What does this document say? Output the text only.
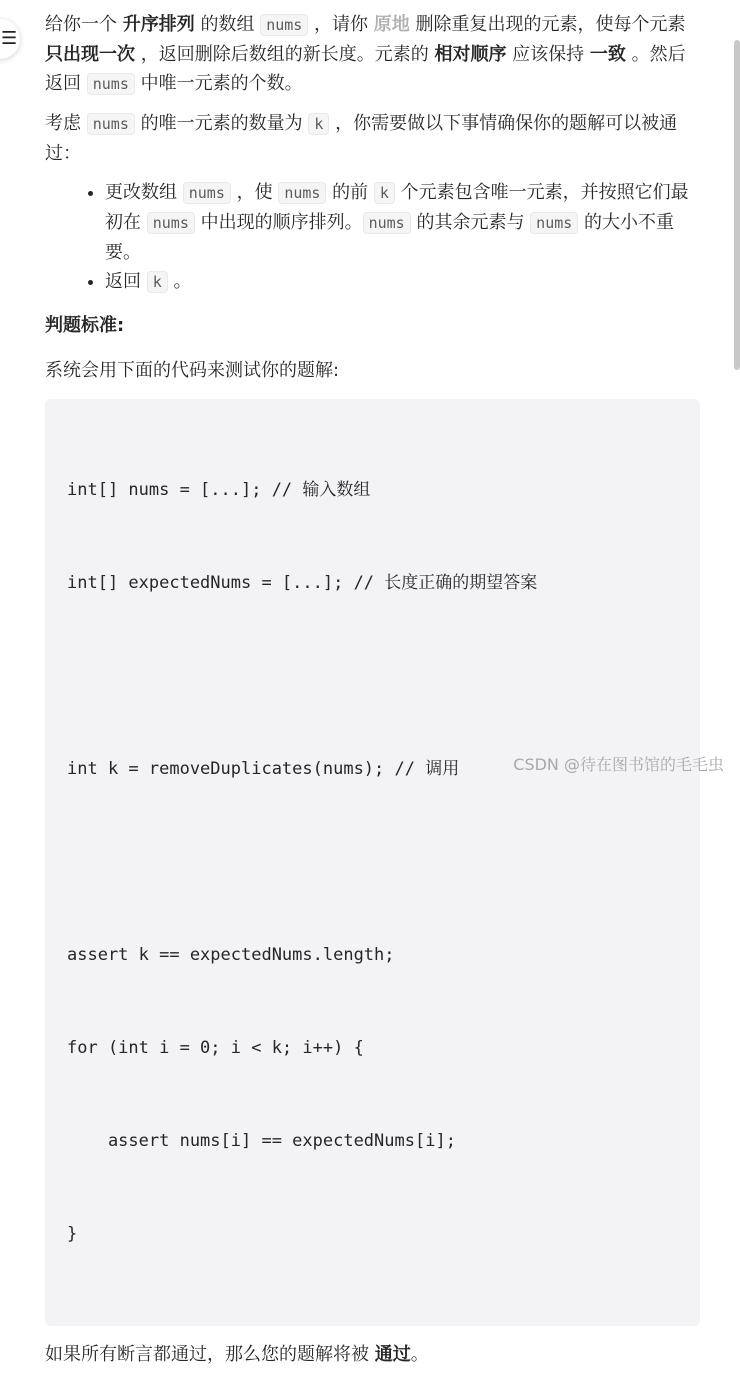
☰

给你一个 升序排列 的数组 nums ，请你 原地 删除重复出现的元素，使每个元素 只出现一次 ，返回删除后数组的新长度。元素的 相对顺序 应该保持 一致 。然后返回 nums 中唯一元素的个数。

考虑 nums 的唯一元素的数量为 k ，你需要做以下事情确保你的题解可以被通过：

• 更改数组 nums ，使 nums 的前 k 个元素包含唯一元素，并按照它们最初在 nums 中出现的顺序排列。 nums 的其余元素与 nums 的大小不重要。
• 返回 k 。
判题标准:

系统会用下面的代码来测试你的题解:

int[] nums = [...]; // 输入数组

int[] expectedNums = [...]; // 长度正确的期望答案

int k = removeDuplicates(nums); // 调用

assert k == expectedNums.length;

for (int i = 0; i < k; i++) {

assert nums[i] == expectedNums[i];

}

如果所有断言都通过，那么您的题解将被 通过。

CSDN @待在图书馆的毛毛虫
